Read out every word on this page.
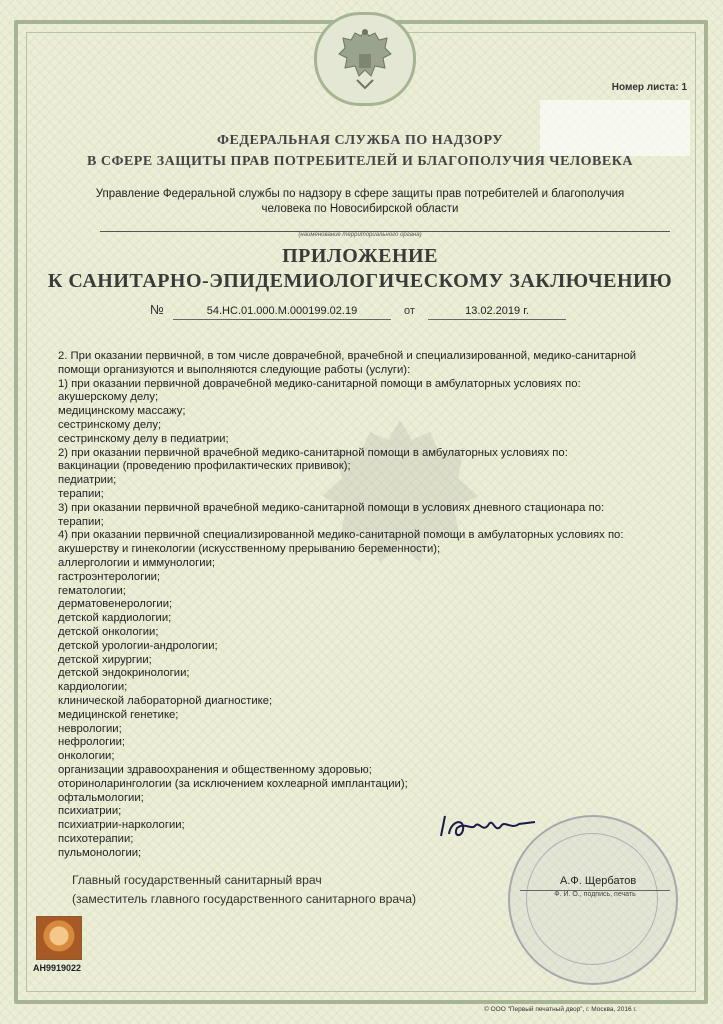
Номер листа: 1
ФЕДЕРАЛЬНАЯ СЛУЖБА ПО НАДЗОРУ
В СФЕРЕ ЗАЩИТЫ ПРАВ ПОТРЕБИТЕЛЕЙ И БЛАГОПОЛУЧИЯ ЧЕЛОВЕКА
Управление Федеральной службы по надзору в сфере защиты прав потребителей и благополучия
человека по Новосибирской области
(наименование территориального органа)
ПРИЛОЖЕНИЕ
К САНИТАРНО-ЭПИДЕМИОЛОГИЧЕСКОМУ ЗАКЛЮЧЕНИЮ
№	54.НС.01.000.М.000199.02.19	от	13.02.2019 г.
2. При оказании первичной, в том числе доврачебной, врачебной и специализированной, медико-санитарной
помощи организуются и выполняются следующие работы (услуги):
1) при оказании первичной доврачебной медико-санитарной помощи в амбулаторных условиях по:
акушерскому делу;
медицинскому массажу;
сестринскому делу;
сестринскому делу в педиатрии;
2) при оказании первичной врачебной медико-санитарной помощи в амбулаторных условиях по:
вакцинации (проведению профилактических прививок);
педиатрии;
терапии;
3) при оказании первичной врачебной медико-санитарной помощи в условиях дневного стационара по:
терапии;
4) при оказании первичной специализированной медико-санитарной помощи в амбулаторных условиях по:
акушерству и гинекологии (искусственному прерыванию беременности);
аллергологии и иммунологии;
гастроэнтерологии;
гематологии;
дерматовенерологии;
детской кардиологии;
детской онкологии;
детской урологии-андрологии;
детской хирургии;
детской эндокринологии;
кардиологии;
клинической лабораторной диагностике;
медицинской генетике;
неврологии;
нефрологии;
онкологии;
организации здравоохранения и общественному здоровью;
оториноларингологии (за исключением кохлеарной имплантации);
офтальмологии;
психиатрии;
психиатрии-наркологии;
психотерапии;
пульмонологии;
Главный государственный санитарный врач
(заместитель главного государственного санитарного врача)
А.Ф. Щербатов
Ф. И. О., подпись, печать
АН9919022
© ООО "Первый печатный двор", г. Москва, 2016 г.
